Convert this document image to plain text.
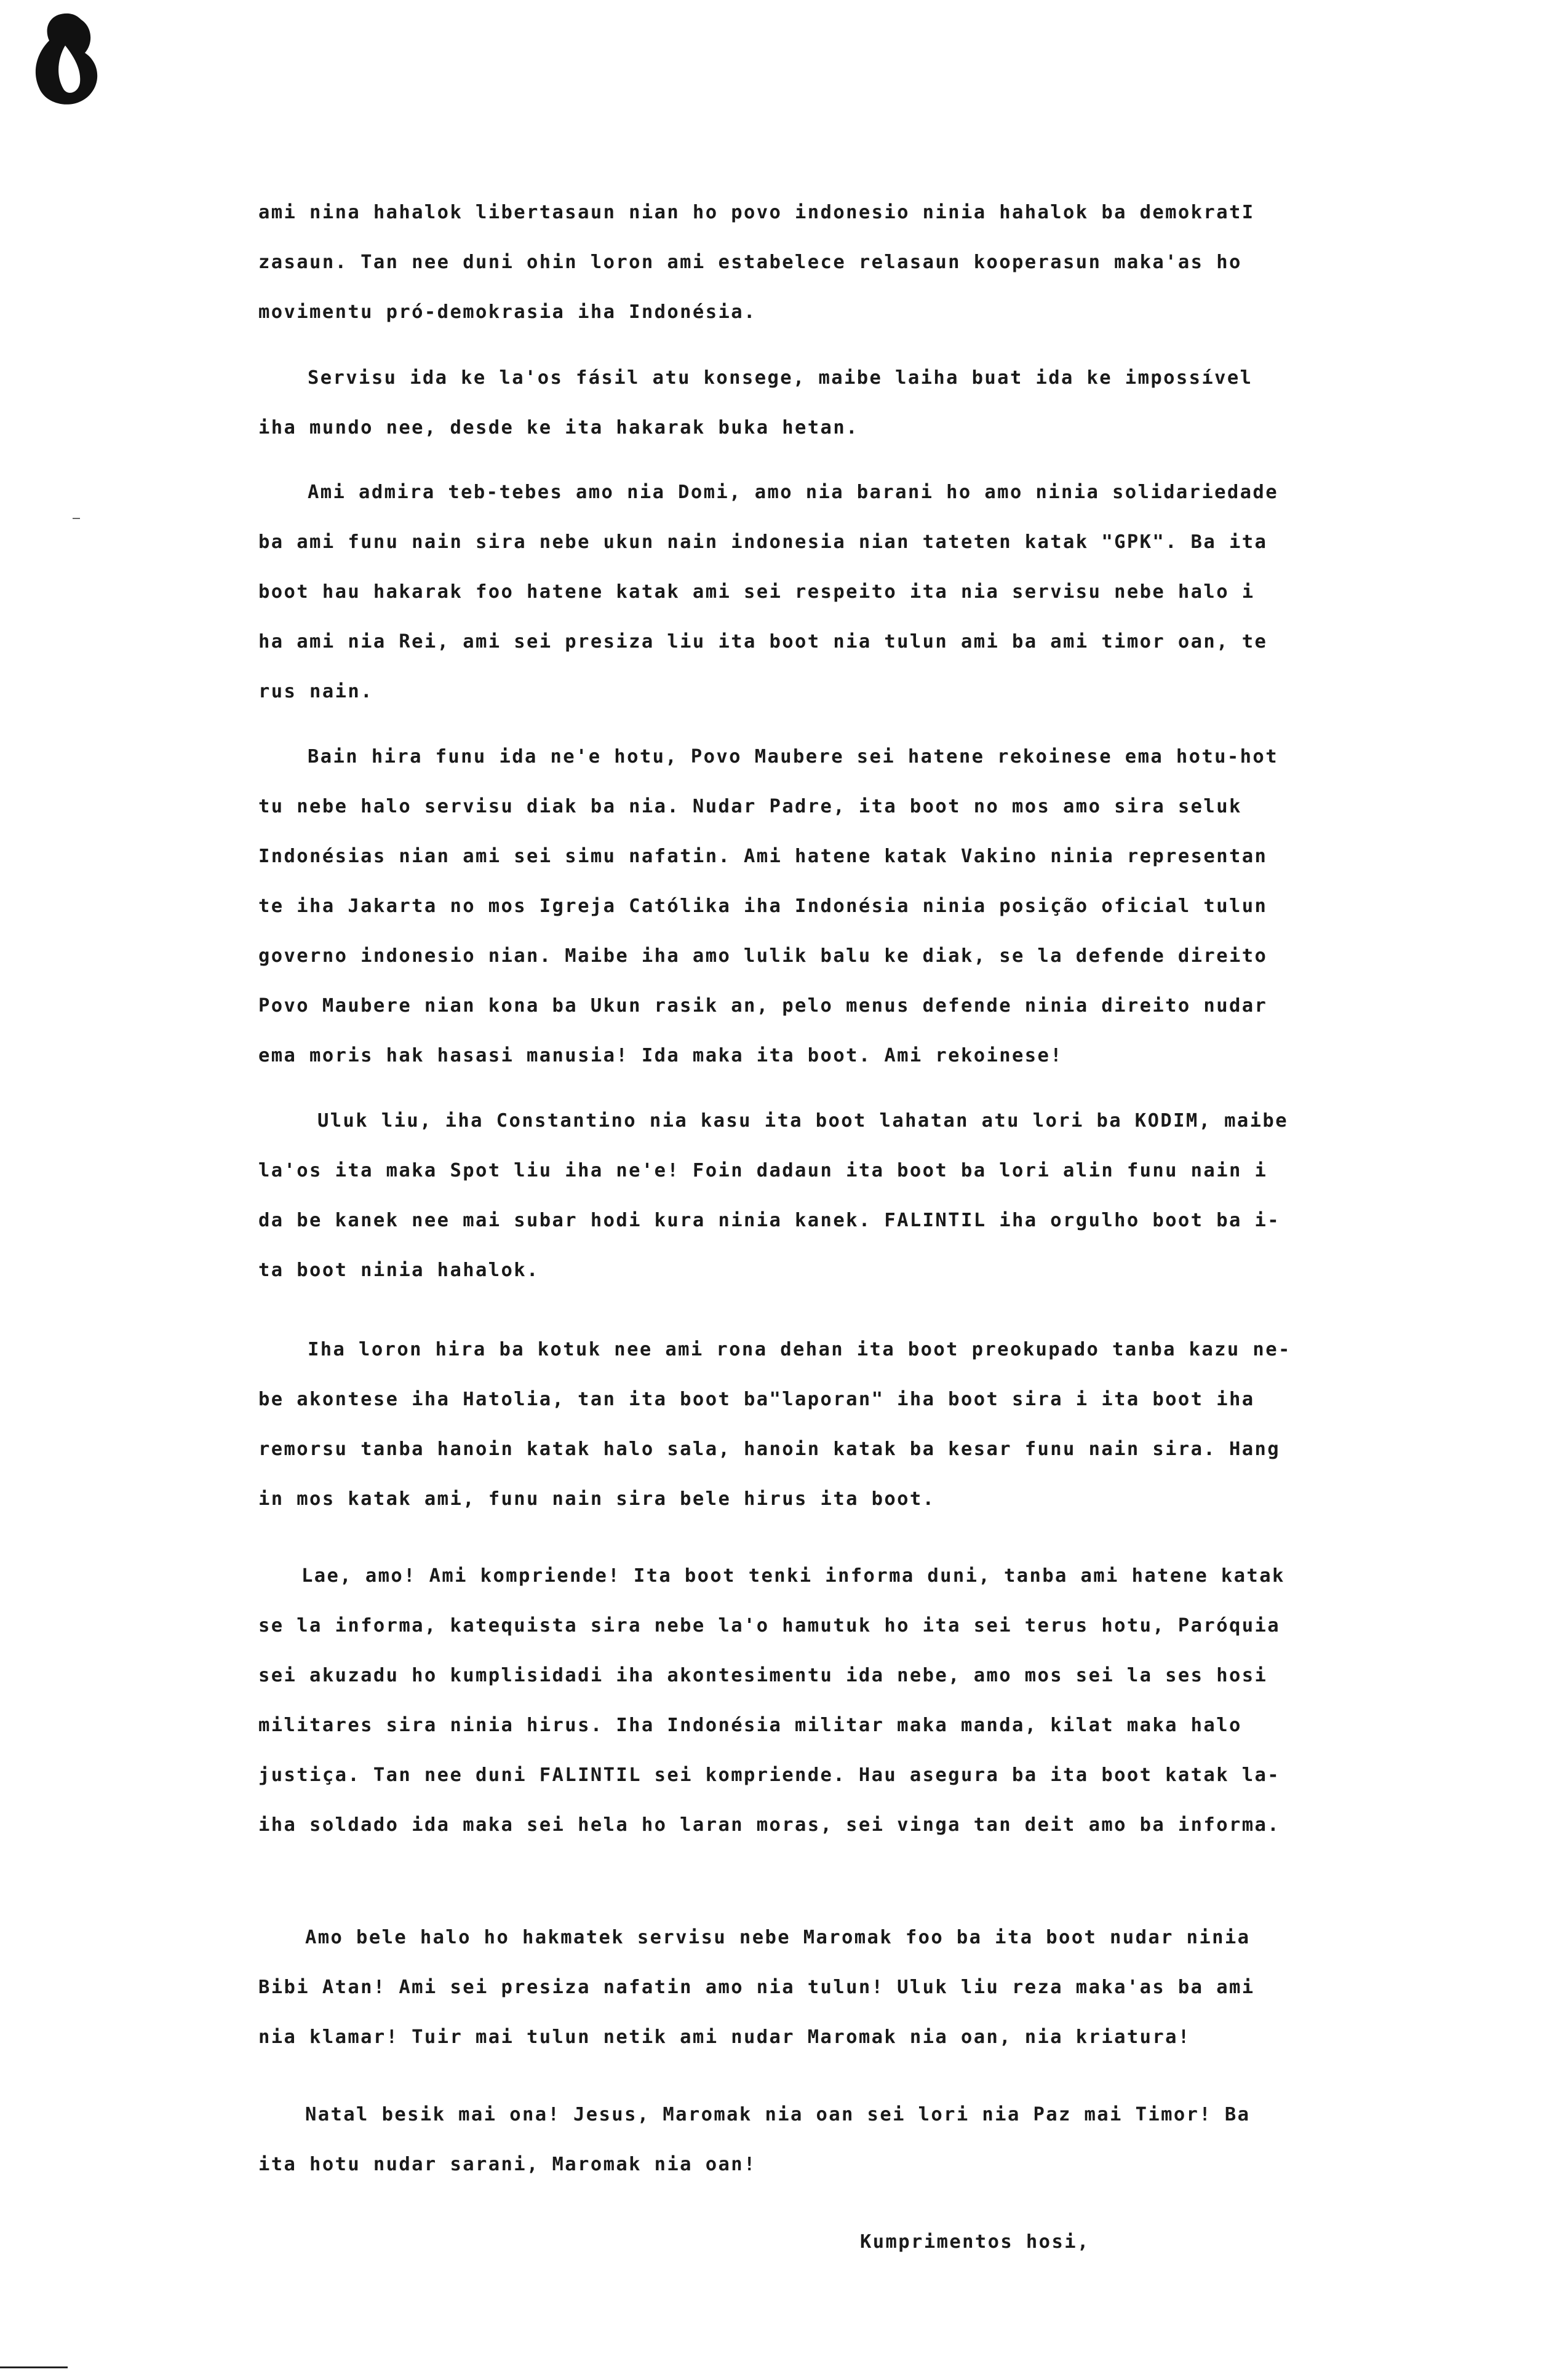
ami nina hahalok libertasaun nian ho povo indonesio ninia hahalok ba demokratI
zasaun. Tan nee duni ohin loron ami estabelece relasaun kooperasun maka'as ho
movimentu pró-demokrasia iha Indonésia.

Servisu ida ke la'os fásil atu konsege, maibe laiha buat ida ke impossível
iha mundo nee, desde ke ita hakarak buka hetan.

Ami admira teb-tebes amo nia Domi, amo nia barani ho amo ninia solidariedade
ba ami funu nain sira nebe ukun nain indonesia nian tateten katak "GPK". Ba ita
boot hau hakarak foo hatene katak ami sei respeito ita nia servisu nebe halo i
ha ami nia Rei, ami sei presiza liu ita boot nia tulun ami ba ami timor oan, te
rus nain.

Bain hira funu ida ne'e hotu, Povo Maubere sei hatene rekoinese ema hotu-hot
tu nebe halo servisu diak ba nia. Nudar Padre, ita boot no mos amo sira seluk
Indonésias nian ami sei simu nafatin. Ami hatene katak Vakino ninia representan
te iha Jakarta no mos Igreja Católika iha Indonésia ninia posição oficial tulun
governo indonesio nian. Maibe iha amo lulik balu ke diak, se la defende direito
Povo Maubere nian kona ba Ukun rasik an, pelo menus defende ninia direito nudar
ema moris hak hasasi manusia! Ida maka ita boot. Ami rekoinese!

Uluk liu, iha Constantino nia kasu ita boot lahatan atu lori ba KODIM, maibe
la'os ita maka Spot liu iha ne'e! Foin dadaun ita boot ba lori alin funu nain i
da be kanek nee mai subar hodi kura ninia kanek. FALINTIL iha orgulho boot ba i-
ta boot ninia hahalok.

Iha loron hira ba kotuk nee ami rona dehan ita boot preokupado tanba kazu ne-
be akontese iha Hatolia, tan ita boot ba"laporan" iha boot sira i ita boot iha
remorsu tanba hanoin katak halo sala, hanoin katak ba kesar funu nain sira. Hang
in mos katak ami, funu nain sira bele hirus ita boot.

Lae, amo! Ami kompriende! Ita boot tenki informa duni, tanba ami hatene katak
se la informa, katequista sira nebe la'o hamutuk ho ita sei terus hotu, Paróquia
sei akuzadu ho kumplisidadi iha akontesimentu ida nebe, amo mos sei la ses hosi
militares sira ninia hirus. Iha Indonésia militar maka manda, kilat maka halo
justiça. Tan nee duni FALINTIL sei kompriende. Hau asegura ba ita boot katak la-
iha soldado ida maka sei hela ho laran moras, sei vinga tan deit amo ba informa.

Amo bele halo ho hakmatek servisu nebe Maromak foo ba ita boot nudar ninia
Bibi Atan! Ami sei presiza nafatin amo nia tulun! Uluk liu reza maka'as ba ami
nia klamar! Tuir mai tulun netik ami nudar Maromak nia oan, nia kriatura!

Natal besik mai ona! Jesus, Maromak nia oan sei lori nia Paz mai Timor! Ba
ita hotu nudar sarani, Maromak nia oan!

Kumprimentos hosi,
